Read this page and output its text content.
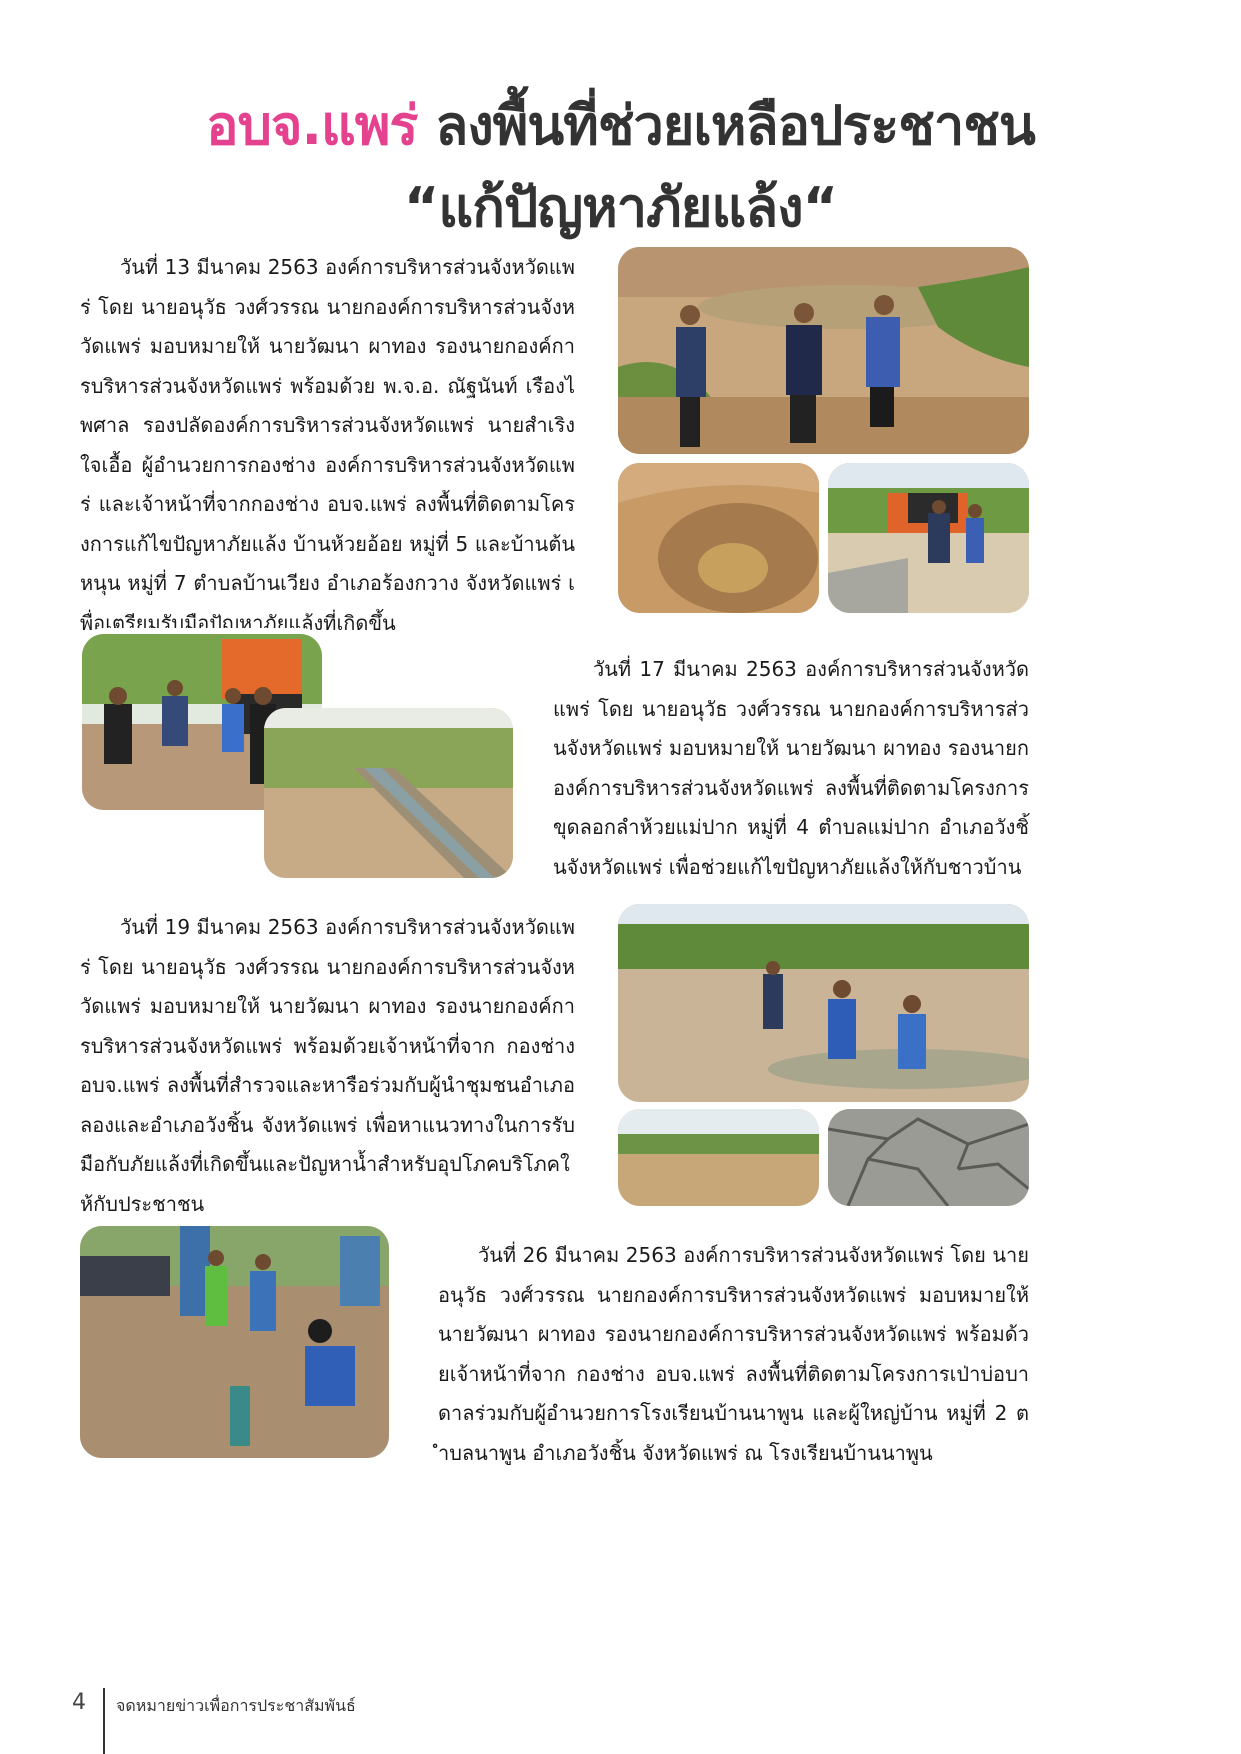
อบจ.แพร่ ลงพื้นที่ช่วยเหลือประชาชน
“แก้ปัญหาภัยแล้ง“

วันที่ 13 มีนาคม 2563 องค์การบริหารส่วนจังหวัดแพร่ โดย นายอนุวัธ วงศ์วรรณ นายกองค์การบริหารส่วนจังหวัดแพร่ มอบหมายให้ นายวัฒนา ผาทอง รองนายกองค์การบริหารส่วนจังหวัดแพร่ พร้อมด้วย พ.จ.อ. ณัฐนันท์ เรืองไพศาล รองปลัดองค์การบริหารส่วนจังหวัดแพร่ นายสำเริง ใจเอื้อ ผู้อำนวยการกองช่าง องค์การบริหารส่วนจังหวัดแพร่ และเจ้าหน้าที่จากกองช่าง อบจ.แพร่ ลงพื้นที่ติดตามโครงการแก้ไขปัญหาภัยแล้ง บ้านห้วยอ้อย หมู่ที่ 5 และบ้านต้นหนุน หมู่ที่ 7 ตำบลบ้านเวียง อำเภอร้องกวาง จังหวัดแพร่ เพื่อเตรียมรับมือปัญหาภัยแล้งที่เกิดขึ้น

วันที่ 17 มีนาคม 2563 องค์การบริหารส่วนจังหวัดแพร่ โดย นายอนุวัธ วงศ์วรรณ นายกองค์การบริหารส่วนจังหวัดแพร่ มอบหมายให้ นายวัฒนา ผาทอง รองนายกองค์การบริหารส่วนจังหวัดแพร่ ลงพื้นที่ติดตามโครงการขุดลอกลำห้วยแม่ปาก หมู่ที่ 4 ตำบลแม่ปาก อำเภอวังชิ้นจังหวัดแพร่ เพื่อช่วยแก้ไขปัญหาภัยแล้งให้กับชาวบ้าน

วันที่ 19 มีนาคม 2563 องค์การบริหารส่วนจังหวัดแพร่ โดย นายอนุวัธ วงศ์วรรณ นายกองค์การบริหารส่วนจังหวัดแพร่ มอบหมายให้ นายวัฒนา ผาทอง รองนายกองค์การบริหารส่วนจังหวัดแพร่ พร้อมด้วยเจ้าหน้าที่จาก กองช่าง อบจ.แพร่ ลงพื้นที่สำรวจและหารือร่วมกับผู้นำชุมชนอำเภอลองและอำเภอวังชิ้น จังหวัดแพร่ เพื่อหาแนวทางในการรับมือกับภัยแล้งที่เกิดขึ้นและปัญหาน้ำสำหรับอุปโภคบริโภคให้กับประชาชน

วันที่ 26 มีนาคม 2563 องค์การบริหารส่วนจังหวัดแพร่ โดย นายอนุวัธ วงศ์วรรณ นายกองค์การบริหารส่วนจังหวัดแพร่ มอบหมายให้ นายวัฒนา ผาทอง รองนายกองค์การบริหารส่วนจังหวัดแพร่ พร้อมด้วยเจ้าหน้าที่จาก กองช่าง อบจ.แพร่ ลงพื้นที่ติดตามโครงการเป่าบ่อบาดาลร่วมกับผู้อำนวยการโรงเรียนบ้านนาพูน และผู้ใหญ่บ้าน หมู่ที่ 2 ตำบลนาพูน อำเภอวังชิ้น จังหวัดแพร่ ณ โรงเรียนบ้านนาพูน

4 จดหมายข่าวเพื่อการประชาสัมพันธ์
